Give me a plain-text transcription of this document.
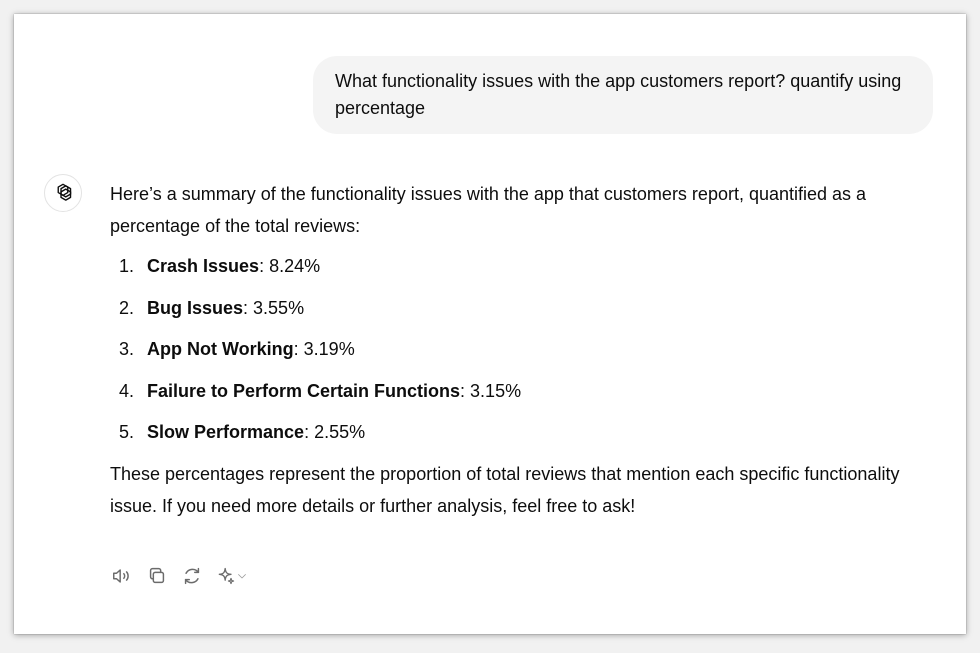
What functionality issues with the app customers report? quantify using percentage

Here’s a summary of the functionality issues with the app that customers report, quantified as a percentage of the total reviews:

1. Crash Issues: 8.24%
2. Bug Issues: 3.55%
3. App Not Working: 3.19%
4. Failure to Perform Certain Functions: 3.15%
5. Slow Performance: 2.55%

These percentages represent the proportion of total reviews that mention each specific functionality issue. If you need more details or further analysis, feel free to ask!
